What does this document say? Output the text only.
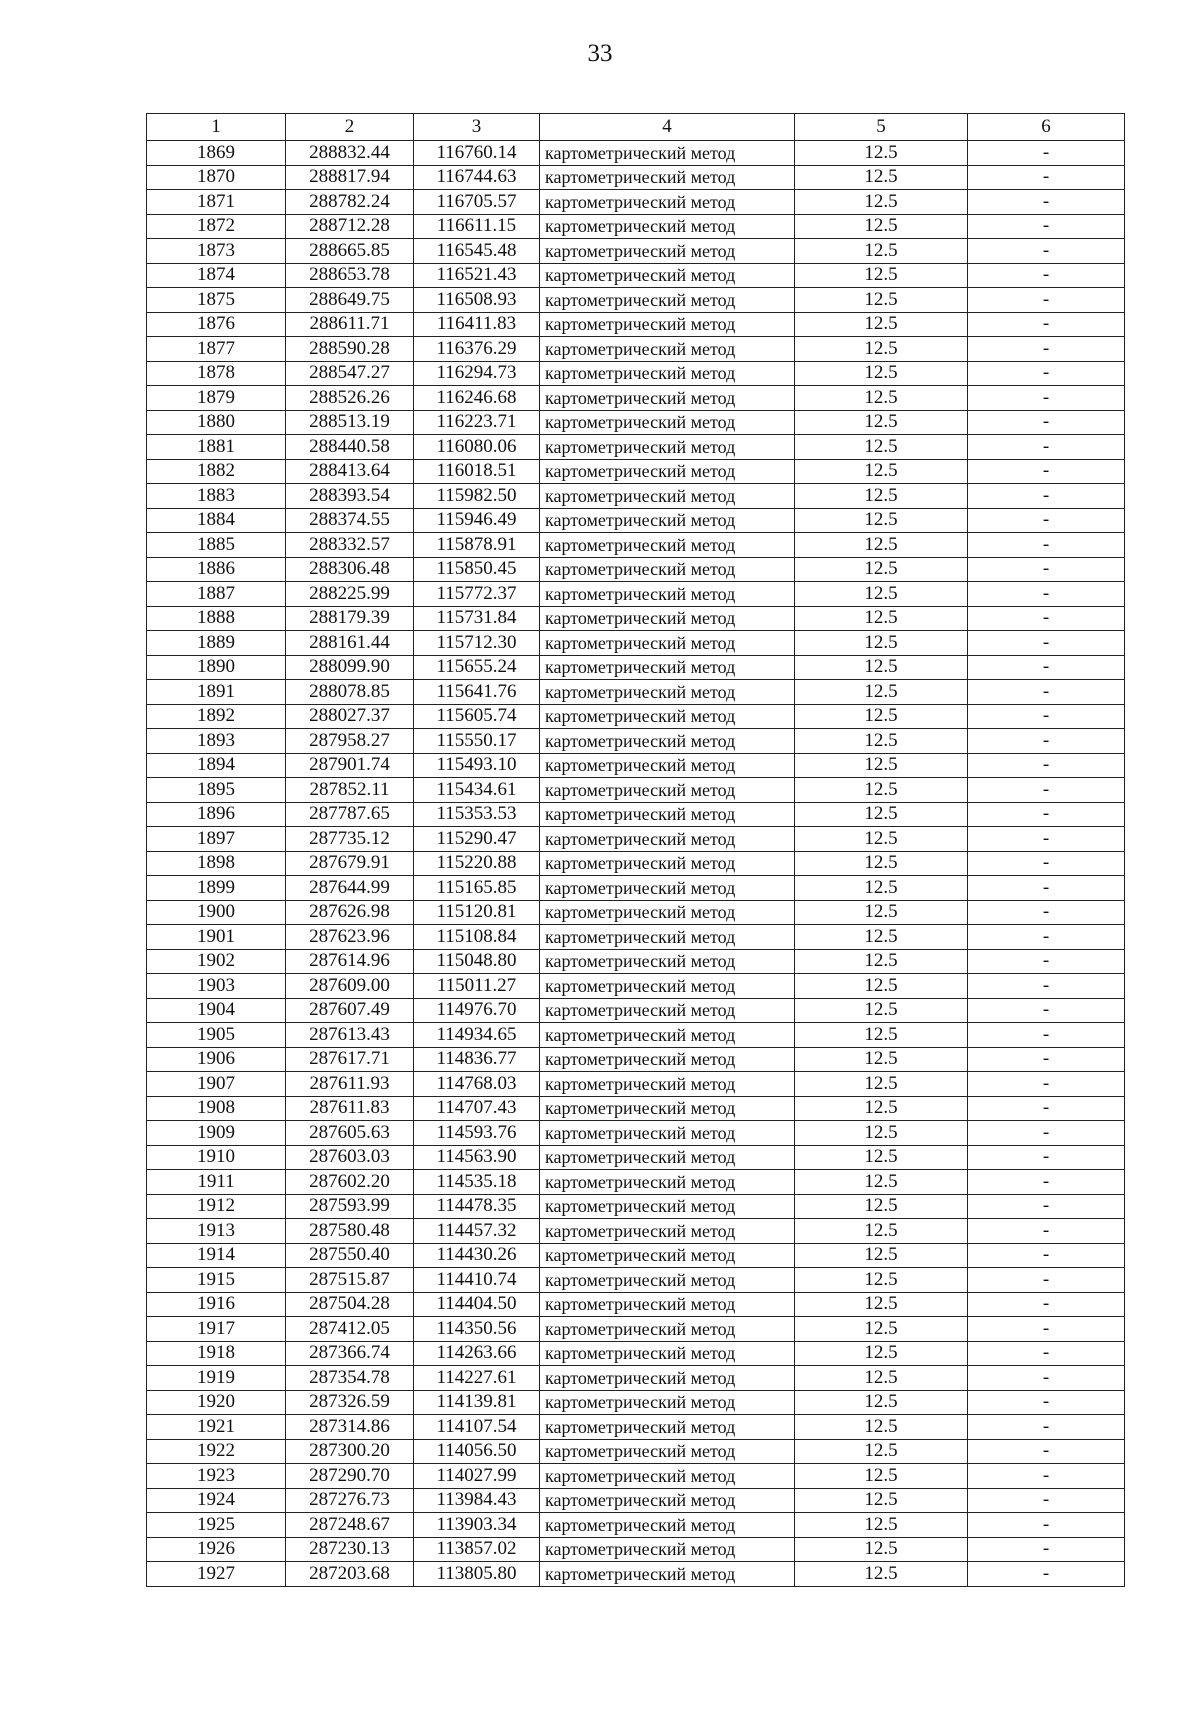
33
1	2	3	4	5	6
1869	288832.44	116760.14	картометрический метод	12.5	-
1870	288817.94	116744.63	картометрический метод	12.5	-
1871	288782.24	116705.57	картометрический метод	12.5	-
1872	288712.28	116611.15	картометрический метод	12.5	-
1873	288665.85	116545.48	картометрический метод	12.5	-
1874	288653.78	116521.43	картометрический метод	12.5	-
1875	288649.75	116508.93	картометрический метод	12.5	-
1876	288611.71	116411.83	картометрический метод	12.5	-
1877	288590.28	116376.29	картометрический метод	12.5	-
1878	288547.27	116294.73	картометрический метод	12.5	-
1879	288526.26	116246.68	картометрический метод	12.5	-
1880	288513.19	116223.71	картометрический метод	12.5	-
1881	288440.58	116080.06	картометрический метод	12.5	-
1882	288413.64	116018.51	картометрический метод	12.5	-
1883	288393.54	115982.50	картометрический метод	12.5	-
1884	288374.55	115946.49	картометрический метод	12.5	-
1885	288332.57	115878.91	картометрический метод	12.5	-
1886	288306.48	115850.45	картометрический метод	12.5	-
1887	288225.99	115772.37	картометрический метод	12.5	-
1888	288179.39	115731.84	картометрический метод	12.5	-
1889	288161.44	115712.30	картометрический метод	12.5	-
1890	288099.90	115655.24	картометрический метод	12.5	-
1891	288078.85	115641.76	картометрический метод	12.5	-
1892	288027.37	115605.74	картометрический метод	12.5	-
1893	287958.27	115550.17	картометрический метод	12.5	-
1894	287901.74	115493.10	картометрический метод	12.5	-
1895	287852.11	115434.61	картометрический метод	12.5	-
1896	287787.65	115353.53	картометрический метод	12.5	-
1897	287735.12	115290.47	картометрический метод	12.5	-
1898	287679.91	115220.88	картометрический метод	12.5	-
1899	287644.99	115165.85	картометрический метод	12.5	-
1900	287626.98	115120.81	картометрический метод	12.5	-
1901	287623.96	115108.84	картометрический метод	12.5	-
1902	287614.96	115048.80	картометрический метод	12.5	-
1903	287609.00	115011.27	картометрический метод	12.5	-
1904	287607.49	114976.70	картометрический метод	12.5	-
1905	287613.43	114934.65	картометрический метод	12.5	-
1906	287617.71	114836.77	картометрический метод	12.5	-
1907	287611.93	114768.03	картометрический метод	12.5	-
1908	287611.83	114707.43	картометрический метод	12.5	-
1909	287605.63	114593.76	картометрический метод	12.5	-
1910	287603.03	114563.90	картометрический метод	12.5	-
1911	287602.20	114535.18	картометрический метод	12.5	-
1912	287593.99	114478.35	картометрический метод	12.5	-
1913	287580.48	114457.32	картометрический метод	12.5	-
1914	287550.40	114430.26	картометрический метод	12.5	-
1915	287515.87	114410.74	картометрический метод	12.5	-
1916	287504.28	114404.50	картометрический метод	12.5	-
1917	287412.05	114350.56	картометрический метод	12.5	-
1918	287366.74	114263.66	картометрический метод	12.5	-
1919	287354.78	114227.61	картометрический метод	12.5	-
1920	287326.59	114139.81	картометрический метод	12.5	-
1921	287314.86	114107.54	картометрический метод	12.5	-
1922	287300.20	114056.50	картометрический метод	12.5	-
1923	287290.70	114027.99	картометрический метод	12.5	-
1924	287276.73	113984.43	картометрический метод	12.5	-
1925	287248.67	113903.34	картометрический метод	12.5	-
1926	287230.13	113857.02	картометрический метод	12.5	-
1927	287203.68	113805.80	картометрический метод	12.5	-
